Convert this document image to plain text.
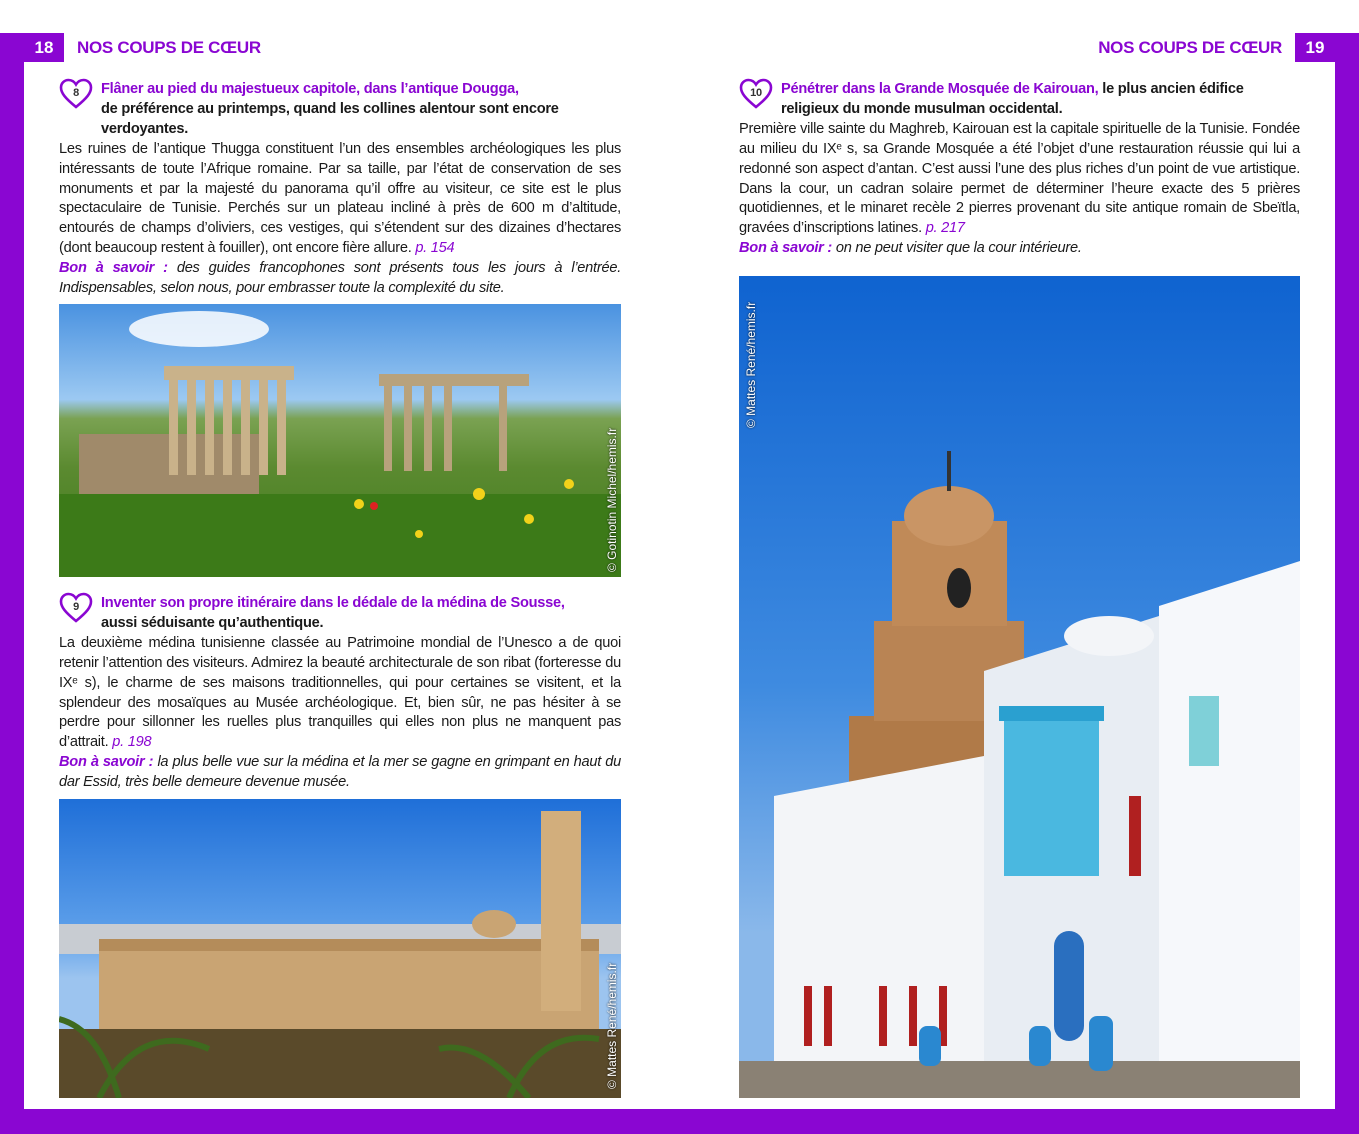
18	19
NOS COUPS DE CŒUR	NOS COUPS DE CŒUR

8 Flâner au pied du majestueux capitole, dans l’antique Dougga,
de préférence au printemps, quand les collines alentour sont encore verdoyantes.

Les ruines de l’antique Thugga constituent l’un des ensembles archéologiques les plus intéressants de toute l’Afrique romaine. Par sa taille, par l’état de conservation de ses monuments et par la majesté du panorama qu’il offre au visiteur, ce site est le plus spectaculaire de Tunisie. Perchés sur un plateau incliné à près de 600 m d’altitude, entourés de champs d’oliviers, ces vestiges, qui s’étendent sur des dizaines d’hectares (dont beaucoup restent à fouiller), ont encore fière allure. p. 154

Bon à savoir : des guides francophones sont présents tous les jours à l’entrée. Indispensables, selon nous, pour embrasser toute la complexité du site.

© Gotinotin Michel/hemis.fr

9 Inventer son propre itinéraire dans le dédale de la médina de Sousse,
aussi séduisante qu’authentique.

La deuxième médina tunisienne classée au Patrimoine mondial de l’Unesco a de quoi retenir l’attention des visiteurs. Admirez la beauté architecturale de son ribat (forteresse du IXᵉ s), le charme de ses maisons traditionnelles, qui pour certaines se visitent, et la splendeur des mosaïques au Musée archéologique. Et, bien sûr, ne pas hésiter à se perdre pour sillonner les ruelles plus tranquilles qui elles non plus ne manquent pas d’attrait. p. 198

Bon à savoir : la plus belle vue sur la médina et la mer se gagne en grimpant en haut du dar Essid, très belle demeure devenue musée.

© Mattes René/hemis.fr

10 Pénétrer dans la Grande Mosquée de Kairouan, le plus ancien édifice religieux du monde musulman occidental.

Première ville sainte du Maghreb, Kairouan est la capitale spirituelle de la Tunisie. Fondée au milieu du IXᵉ s, sa Grande Mosquée a été l’objet d’une restauration réussie qui lui a redonné son aspect d’antan. C’est aussi l’une des plus riches d’un point de vue artistique. Dans la cour, un cadran solaire permet de déterminer l’heure exacte des 5 prières quotidiennes, et le minaret recèle 2 pierres provenant du site antique romain de Sbeïtla, gravées d’inscriptions latines. p. 217

Bon à savoir : on ne peut visiter que la cour intérieure.

© Mattes René/hemis.fr
